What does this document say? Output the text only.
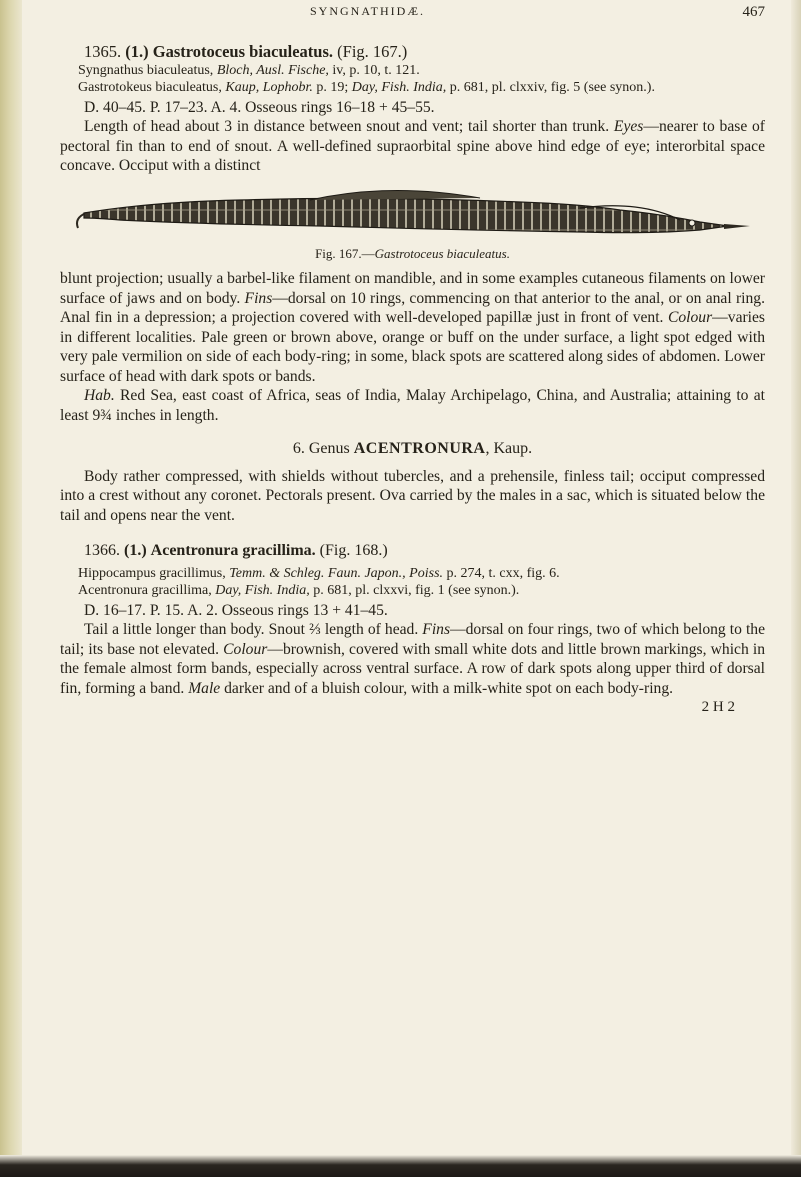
SYNGNATHIDÆ.	467

1365. (1.) Gastrotoceus biaculeatus. (Fig. 167.)

Syngnathus biaculeatus, Bloch, Ausl. Fische, iv, p. 10, t. 121.

Gastrotokeus biaculeatus, Kaup, Lophobr. p. 19; Day, Fish. India, p. 681, pl. clxxiv, fig. 5 (see synon.).

D. 40–45. P. 17–23. A. 4. Osseous rings 16–18 + 45–55.

Length of head about 3 in distance between snout and vent; tail shorter than trunk. Eyes—nearer to base of pectoral fin than to end of snout. A well-defined supraorbital spine above hind edge of eye; interorbital space concave. Occiput with a distinct

Fig. 167.—Gastrotoceus biaculeatus.

blunt projection; usually a barbel-like filament on mandible, and in some examples cutaneous filaments on lower surface of jaws and on body. Fins—dorsal on 10 rings, commencing on that anterior to the anal, or on anal ring. Anal fin in a depression; a projection covered with well-developed papillæ just in front of vent. Colour—varies in different localities. Pale green or brown above, orange or buff on the under surface, a light spot edged with very pale vermilion on side of each body-ring; in some, black spots are scattered along sides of abdomen. Lower surface of head with dark spots or bands.

Hab. Red Sea, east coast of Africa, seas of India, Malay Archipelago, China, and Australia; attaining to at least 9¾ inches in length.

6. Genus ACENTRONURA, Kaup.

Body rather compressed, with shields without tubercles, and a prehensile, finless tail; occiput compressed into a crest without any coronet. Pectorals present. Ova carried by the males in a sac, which is situated below the tail and opens near the vent.

1366. (1.) Acentronura gracillima. (Fig. 168.)

Hippocampus gracillimus, Temm. & Schleg. Faun. Japon., Poiss. p. 274, t. cxx, fig. 6.

Acentronura gracillima, Day, Fish. India, p. 681, pl. clxxvi, fig. 1 (see synon.).

D. 16–17. P. 15. A. 2. Osseous rings 13 + 41–45.

Tail a little longer than body. Snout ⅔ length of head. Fins—dorsal on four rings, two of which belong to the tail; its base not elevated. Colour—brownish, covered with small white dots and little brown markings, which in the female almost form bands, especially across ventral surface. A row of dark spots along upper third of dorsal fin, forming a band. Male darker and of a bluish colour, with a milk-white spot on each body-ring.

2 H 2
